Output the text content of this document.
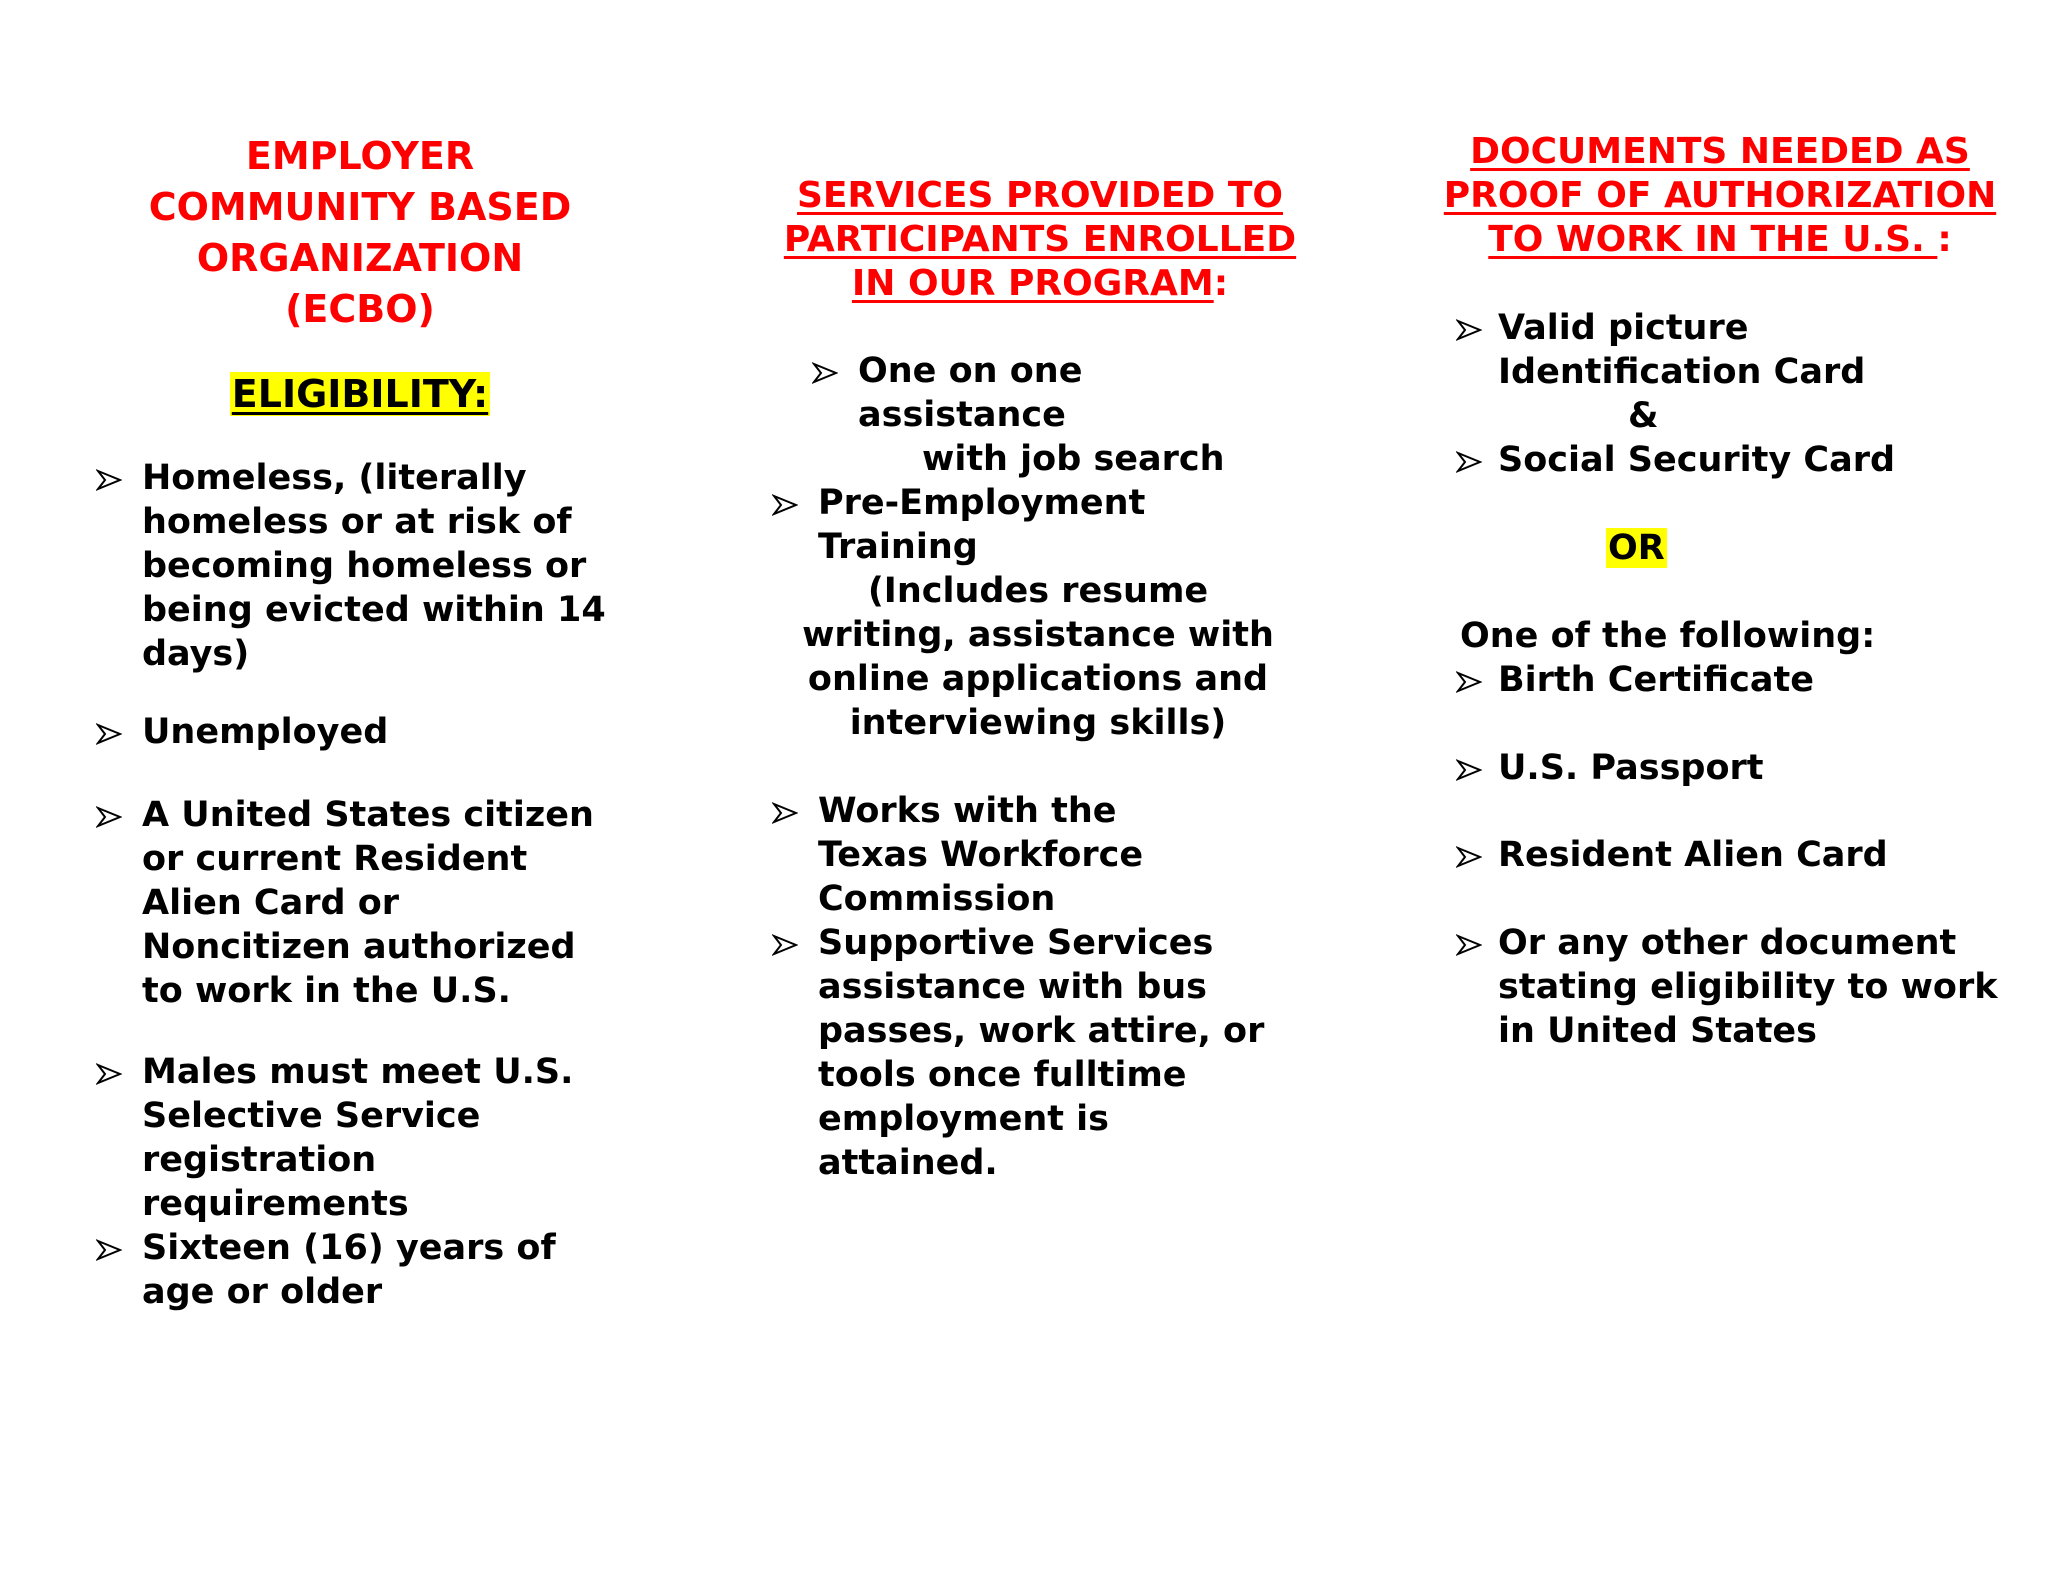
EMPLOYER
COMMUNITY BASED
ORGANIZATION
(ECBO)
ELIGIBILITY:
Homeless, (literally homeless or at risk of becoming homeless or being evicted within 14 days)
Unemployed
A United States citizen or current Resident Alien Card or Noncitizen authorized to work in the U.S.
Males must meet U.S. Selective Service registration requirements
Sixteen (16) years of age or older
SERVICES PROVIDED TO
PARTICIPANTS ENROLLED
IN OUR PROGRAM:
One on one assistance
with job search
Pre-Employment Training
(Includes resume writing, assistance with online applications and interviewing skills)
Works with the Texas Workforce Commission
Supportive Services assistance with bus passes, work attire, or tools once fulltime employment is attained.
DOCUMENTS NEEDED AS
PROOF OF AUTHORIZATION
TO WORK IN THE U.S. :
Valid picture Identification Card
&
Social Security Card
OR
One of the following:
Birth Certificate
U.S. Passport
Resident Alien Card
Or any other document stating eligibility to work in United States
